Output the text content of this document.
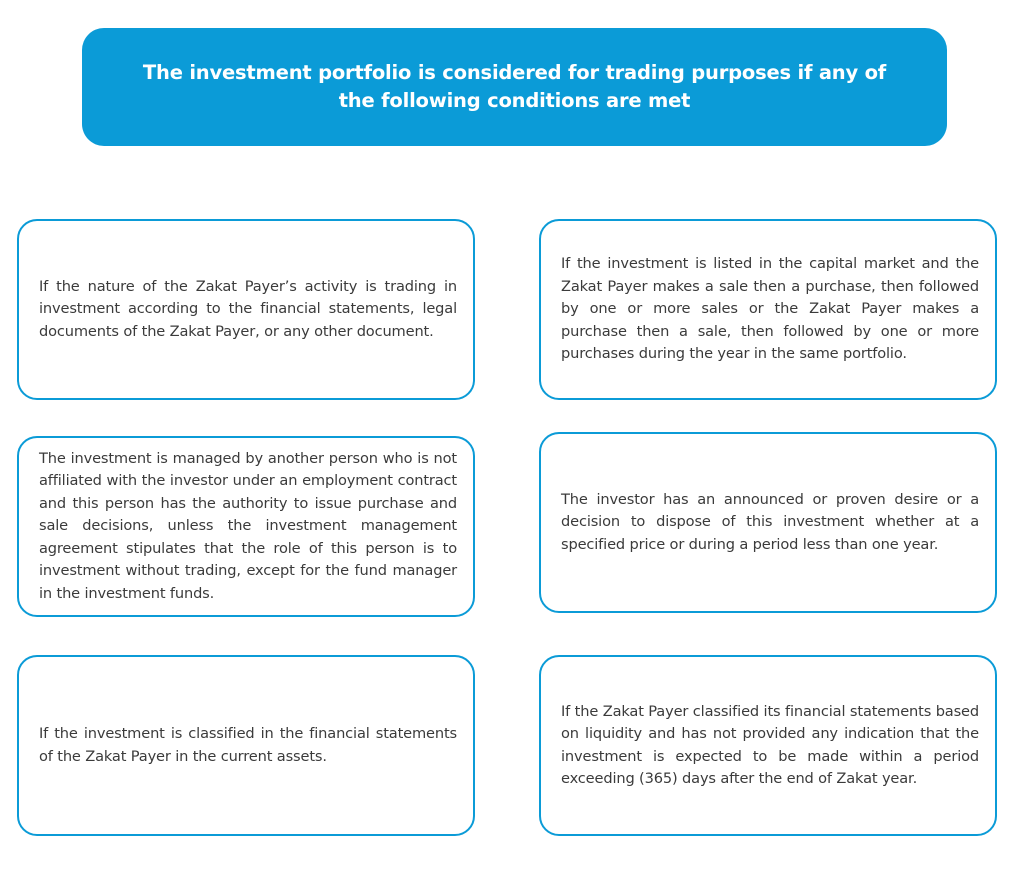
The investment portfolio is considered for trading purposes if any of the following conditions are met
If the nature of the Zakat Payer’s activity is trading in investment according to the financial statements, legal documents of the Zakat Payer, or any other document.
If the investment is listed in the capital market and the Zakat Payer makes a sale then a purchase, then followed by one or more sales or the Zakat Payer makes a purchase then a sale, then followed by one or more purchases during the year in the same portfolio.
The investment is managed by another person who is not affiliated with the investor under an employment contract and this person has the authority to issue purchase and sale decisions, unless the investment management agreement stipulates that the role of this person is to investment without trading, except for the fund manager in the investment funds.
The investor has an announced or proven desire or a decision to dispose of this investment whether at a specified price or during a period less than one year.
If the investment is classified in the financial statements of the Zakat Payer in the current assets.
If the Zakat Payer classified its financial statements based on liquidity and has not provided any indication that the investment is expected to be made within a period exceeding (365) days after the end of Zakat year.
